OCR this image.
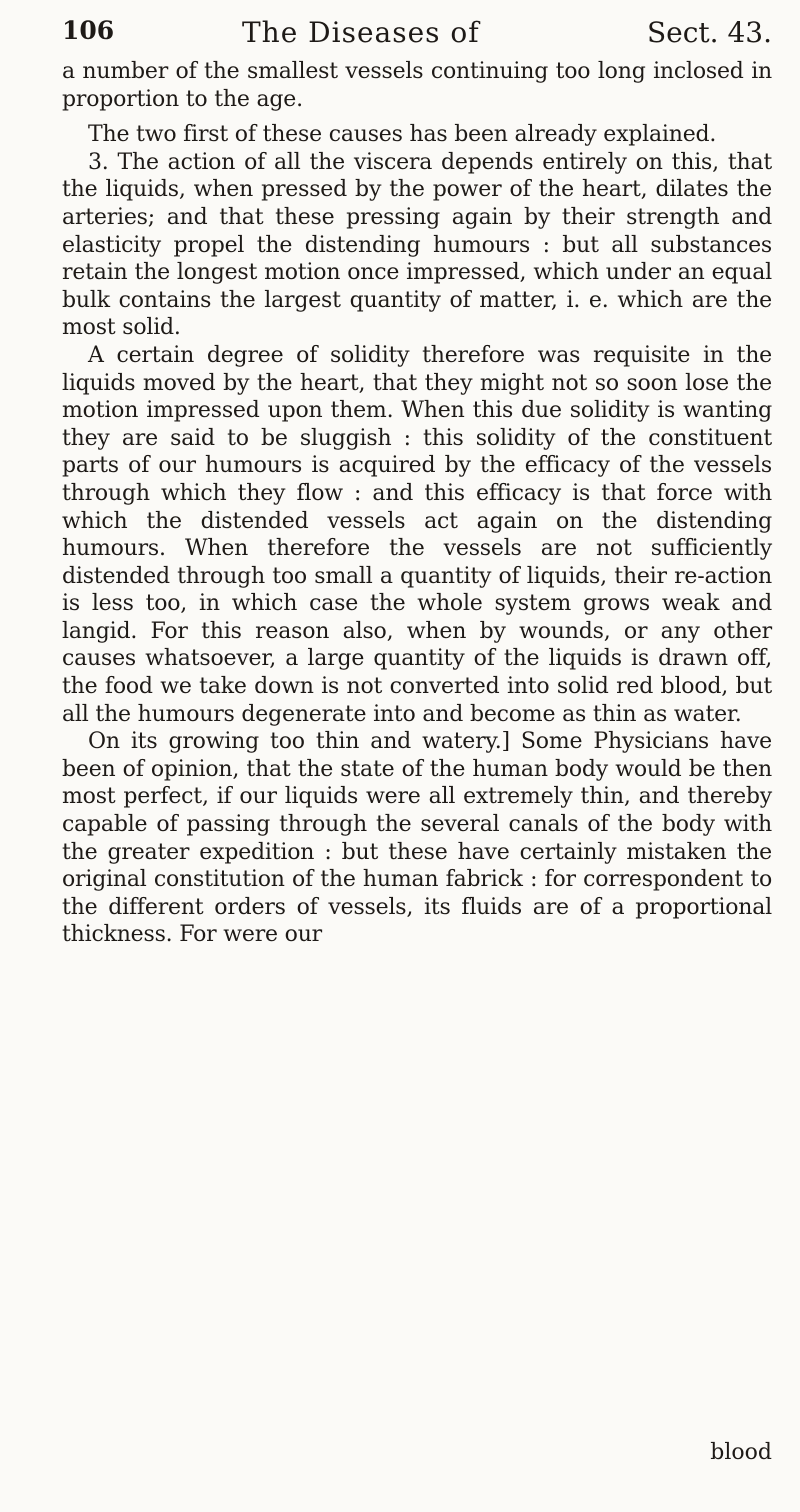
106	The Diseases of	Sect. 43.

a number of the smallest vessels continuing too long inclosed in proportion to the age.

The two first of these causes has been already explained.

3. The action of all the viscera depends entirely on this, that the liquids, when pressed by the power of the heart, dilates the arteries; and that these pressing again by their strength and elasticity propel the distending humours : but all substances retain the longest motion once impressed, which under an equal bulk contains the largest quantity of matter, i. e. which are the most solid.

A certain degree of solidity therefore was requisite in the liquids moved by the heart, that they might not so soon lose the motion impressed upon them. When this due solidity is wanting they are said to be sluggish : this solidity of the constituent parts of our humours is acquired by the efficacy of the vessels through which they flow : and this efficacy is that force with which the distended vessels act again on the distending humours. When therefore the vessels are not sufficiently distended through too small a quantity of liquids, their re-action is less too, in which case the whole system grows weak and langid. For this reason also, when by wounds, or any other causes whatsoever, a large quantity of the liquids is drawn off, the food we take down is not converted into solid red blood, but all the humours degenerate into and become as thin as water.

On its growing too thin and watery.] Some Physicians have been of opinion, that the state of the human body would be then most perfect, if our liquids were all extremely thin, and thereby capable of passing through the several canals of the body with the greater expedition : but these have certainly mistaken the original constitution of the human fabrick : for correspondent to the different orders of vessels, its fluids are of a proportional thickness. For were our

blood
